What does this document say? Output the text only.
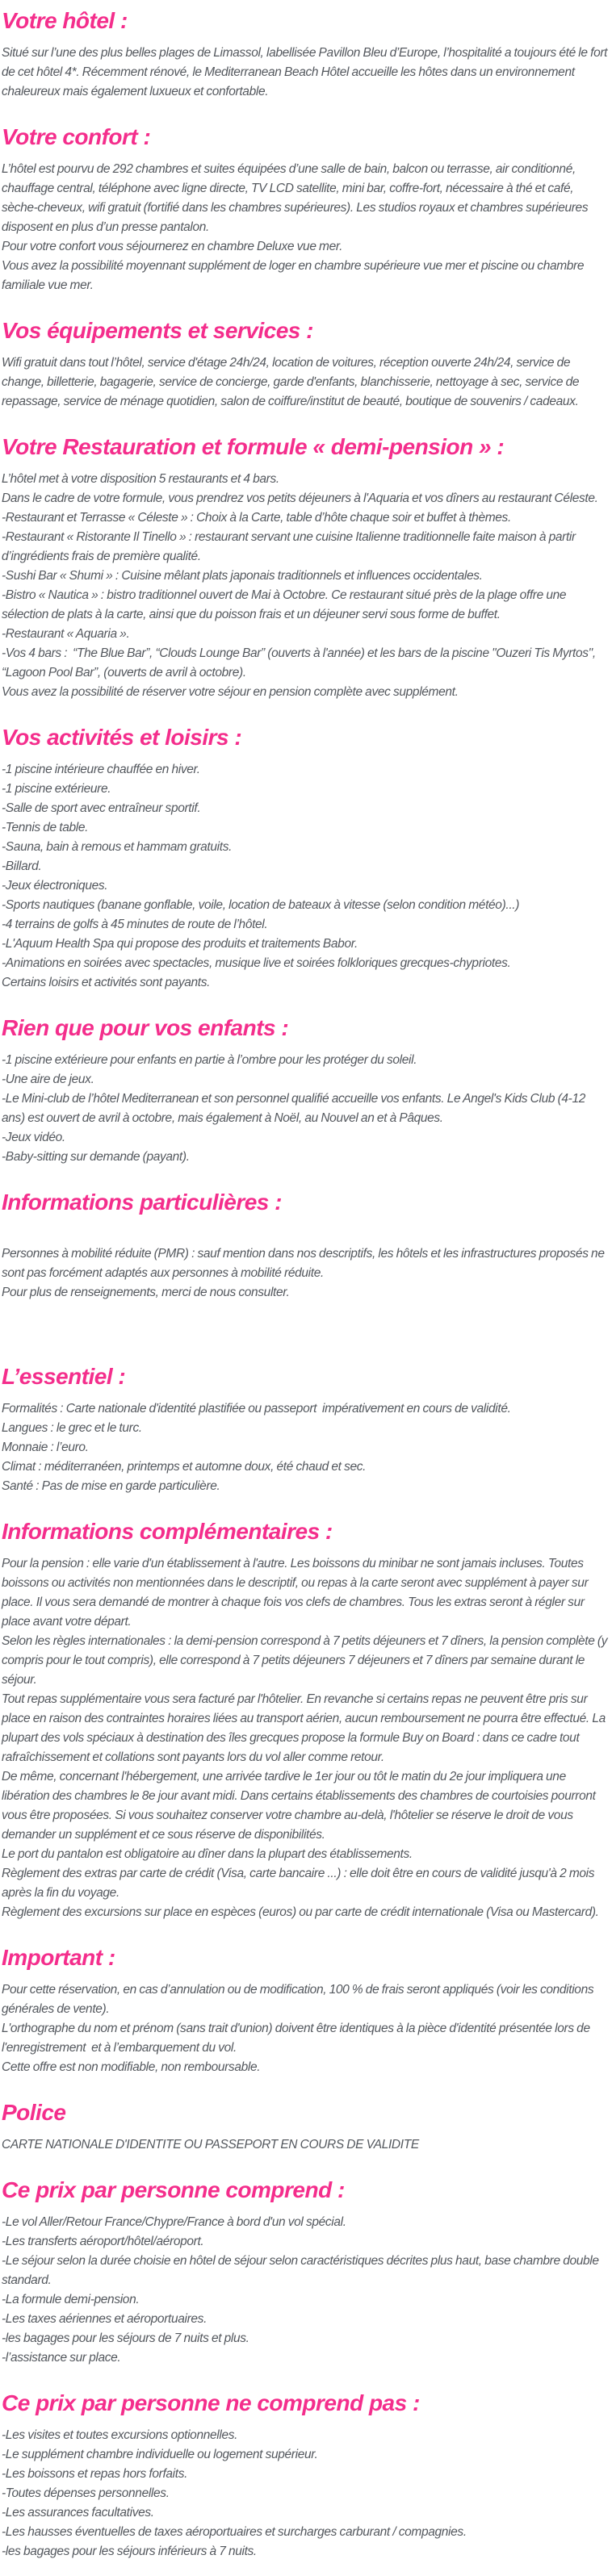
Votre hôtel :

Situé sur l’une des plus belles plages de Limassol, labellisée Pavillon Bleu d’Europe, l’hospitalité a toujours été le fort de cet hôtel 4*. Récemment rénové, le Mediterranean Beach Hôtel accueille les hôtes dans un environnement chaleureux mais également luxueux et confortable.

Votre confort :

L’hôtel est pourvu de 292 chambres et suites équipées d’une salle de bain, balcon ou terrasse, air conditionné, chauffage central, téléphone avec ligne directe, TV LCD satellite, mini bar, coffre-fort, nécessaire à thé et café, sèche-cheveux, wifi gratuit (fortifié dans les chambres supérieures). Les studios royaux et chambres supérieures disposent en plus d’un presse pantalon.

Pour votre confort vous séjournerez en chambre Deluxe vue mer.

Vous avez la possibilité moyennant supplément de loger en chambre supérieure vue mer et piscine ou chambre familiale vue mer.

Vos équipements et services :

Wifi gratuit dans tout l’hôtel, service d'étage 24h/24, location de voitures, réception ouverte 24h/24, service de change, billetterie, bagagerie, service de concierge, garde d'enfants, blanchisserie, nettoyage à sec, service de repassage, service de ménage quotidien, salon de coiffure/institut de beauté, boutique de souvenirs / cadeaux.

Votre Restauration et formule « demi-pension » :

L’hôtel met à votre disposition 5 restaurants et 4 bars.

Dans le cadre de votre formule, vous prendrez vos petits déjeuners à l'Aquaria et vos dîners au restaurant Céleste.

-Restaurant et Terrasse « Céleste » : Choix à la Carte, table d’hôte chaque soir et buffet à thèmes.

-Restaurant « Ristorante Il Tinello » : restaurant servant une cuisine Italienne traditionnelle faite maison à partir d’ingrédients frais de première qualité.

-Sushi Bar « Shumi » : Cuisine mêlant plats japonais traditionnels et influences occidentales.

-Bistro « Nautica » : bistro traditionnel ouvert de Mai à Octobre. Ce restaurant situé près de la plage offre une sélection de plats à la carte, ainsi que du poisson frais et un déjeuner servi sous forme de buffet.

-Restaurant « Aquaria ».

-Vos 4 bars :  “The Blue Bar”, “Clouds Lounge Bar” (ouverts à l'année) et les bars de la piscine "Ouzeri Tis Myrtos", “Lagoon Pool Bar”, (ouverts de avril à octobre).

Vous avez la possibilité de réserver votre séjour en pension complète avec supplément.

Vos activités et loisirs :

-1 piscine intérieure chauffée en hiver.

-1 piscine extérieure.

-Salle de sport avec entraîneur sportif.

-Tennis de table.

-Sauna, bain à remous et hammam gratuits.

-Billard.

-Jeux électroniques.

-Sports nautiques (banane gonflable, voile, location de bateaux à vitesse (selon condition météo)...)

-4 terrains de golfs à 45 minutes de route de l’hôtel.

-L'Aquum Health Spa qui propose des produits et traitements Babor.

-Animations en soirées avec spectacles, musique live et soirées folkloriques grecques-chypriotes.

Certains loisirs et activités sont payants.

Rien que pour vos enfants :

-1 piscine extérieure pour enfants en partie à l’ombre pour les protéger du soleil.

-Une aire de jeux.

-Le Mini-club de l’hôtel Mediterranean et son personnel qualifié accueille vos enfants. Le Angel's Kids Club (4-12 ans) est ouvert de avril à octobre, mais également à Noël, au Nouvel an et à Pâques.

-Jeux vidéo.

-Baby-sitting sur demande (payant).

Informations particulières :

Personnes à mobilité réduite (PMR) : sauf mention dans nos descriptifs, les hôtels et les infrastructures proposés ne sont pas forcément adaptés aux personnes à mobilité réduite.

Pour plus de renseignements, merci de nous consulter.

L’essentiel :

Formalités : Carte nationale d'identité plastifiée ou passeport  impérativement en cours de validité.

Langues : le grec et le turc.

Monnaie : l’euro.

Climat : méditerranéen, printemps et automne doux, été chaud et sec.

Santé : Pas de mise en garde particulière.

Informations complémentaires :

Pour la pension : elle varie d'un établissement à l'autre. Les boissons du minibar ne sont jamais incluses. Toutes boissons ou activités non mentionnées dans le descriptif, ou repas à la carte seront avec supplément à payer sur place. Il vous sera demandé de montrer à chaque fois vos clefs de chambres. Tous les extras seront à régler sur place avant votre départ.

Selon les règles internationales : la demi-pension correspond à 7 petits déjeuners et 7 dîners, la pension complète (y compris pour le tout compris), elle correspond à 7 petits déjeuners 7 déjeuners et 7 dîners par semaine durant le séjour.

Tout repas supplémentaire vous sera facturé par l'hôtelier. En revanche si certains repas ne peuvent être pris sur place en raison des contraintes horaires liées au transport aérien, aucun remboursement ne pourra être effectué. La plupart des vols spéciaux à destination des îles grecques propose la formule Buy on Board : dans ce cadre tout rafraîchissement et collations sont payants lors du vol aller comme retour.

De même, concernant l'hébergement, une arrivée tardive le 1er jour ou tôt le matin du 2e jour impliquera une libération des chambres le 8e jour avant midi. Dans certains établissements des chambres de courtoisies pourront vous être proposées. Si vous souhaitez conserver votre chambre au-delà, l'hôtelier se réserve le droit de vous demander un supplément et ce sous réserve de disponibilités.

Le port du pantalon est obligatoire au dîner dans la plupart des établissements.

Règlement des extras par carte de crédit (Visa, carte bancaire ...) : elle doit être en cours de validité jusqu'à 2 mois après la fin du voyage.

Règlement des excursions sur place en espèces (euros) ou par carte de crédit internationale (Visa ou Mastercard).

Important :

Pour cette réservation, en cas d’annulation ou de modification, 100 % de frais seront appliqués (voir les conditions générales de vente).

L'orthographe du nom et prénom (sans trait d'union) doivent être identiques à la pièce d'identité présentée lors de l'enregistrement  et à l’embarquement du vol.

Cette offre est non modifiable, non remboursable.

Police

CARTE NATIONALE D'IDENTITE OU PASSEPORT EN COURS DE VALIDITE

Ce prix par personne comprend :

-Le vol Aller/Retour France/Chypre/France à bord d'un vol spécial.

-Les transferts aéroport/hôtel/aéroport.

-Le séjour selon la durée choisie en hôtel de séjour selon caractéristiques décrites plus haut, base chambre double standard.

-La formule demi-pension.

-Les taxes aériennes et aéroportuaires.

-les bagages pour les séjours de 7 nuits et plus.

-l’assistance sur place.

Ce prix par personne ne comprend pas :

-Les visites et toutes excursions optionnelles.

-Le supplément chambre individuelle ou logement supérieur.

-Les boissons et repas hors forfaits.

-Toutes dépenses personnelles.

-Les assurances facultatives.

-Les hausses éventuelles de taxes aéroportuaires et surcharges carburant / compagnies.

-les bagages pour les séjours inférieurs à 7 nuits.
